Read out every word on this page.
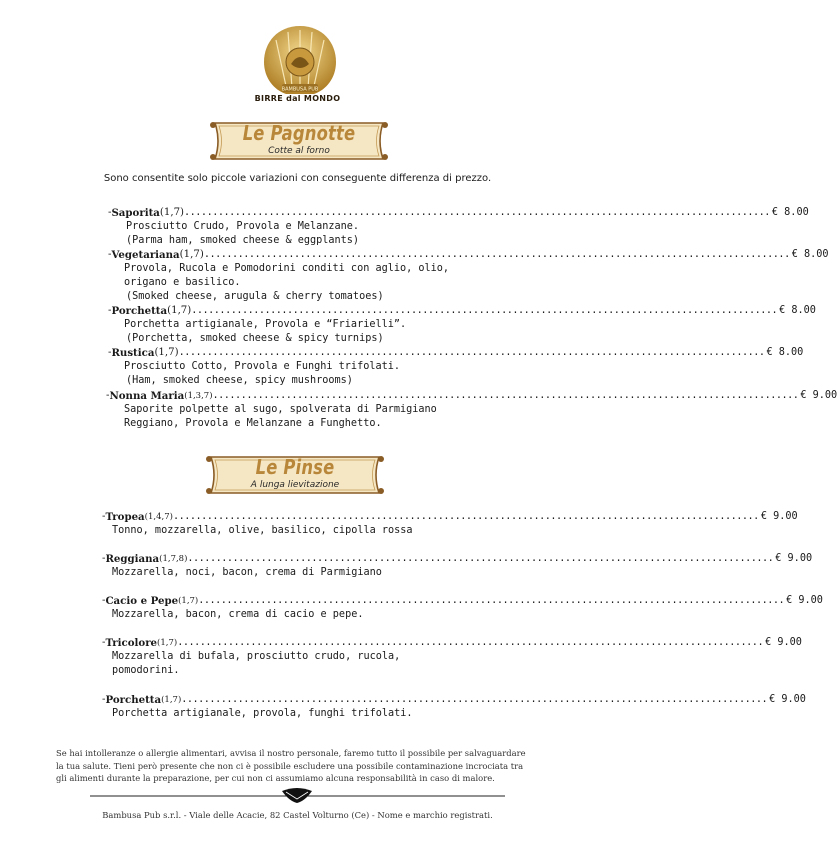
BAMBUSA PUB
BIRRE dal MONDO
Le Pagnotte
Cotte al forno
Sono consentite solo piccole variazioni con conseguente differenza di prezzo.
- Saporita (1,7) ........................................................................................................ € 8.00
Prosciutto Crudo, Provola e Melanzane.
(Parma ham, smoked cheese & eggplants)
- Vegetariana (1,7) ........................................................................................................ € 8.00
Provola, Rucola e Pomodorini conditi con aglio, olio,
origano e basilico.
(Smoked cheese, arugula & cherry tomatoes)
- Porchetta (1,7) ........................................................................................................ € 8.00
Porchetta artigianale, Provola e “Friarielli”.
(Porchetta, smoked cheese & spicy turnips)
- Rustica (1,7) ........................................................................................................ € 8.00
Prosciutto Cotto, Provola e Funghi trifolati.
(Ham, smoked cheese, spicy mushrooms)
- Nonna Maria (1,3,7) ........................................................................................................ € 9.00
Saporite polpette al sugo, spolverata di Parmigiano
Reggiano, Provola e Melanzane a Funghetto.
Le Pinse
A lunga lievitazione
- Tropea (1,4,7) ........................................................................................................ € 9.00
Tonno, mozzarella, olive, basilico, cipolla rossa
- Reggiana (1,7,8) ........................................................................................................ € 9.00
Mozzarella, noci, bacon, crema di Parmigiano
- Cacio e Pepe (1,7) ........................................................................................................ € 9.00
Mozzarella, bacon, crema di cacio e pepe.
- Tricolore (1,7) ........................................................................................................ € 9.00
Mozzarella di bufala, prosciutto crudo, rucola,
pomodorini.
- Porchetta (1,7) ........................................................................................................ € 9.00
Porchetta artigianale, provola, funghi trifolati.
Se hai intolleranze o allergie alimentari, avvisa il nostro personale, faremo tutto il possibile per salvaguardare
la tua salute. Tieni però presente che non ci è possibile escludere una possibile contaminazione incrociata tra
gli alimenti durante la preparazione, per cui non ci assumiamo alcuna responsabilità in caso di malore.
Bambusa Pub s.r.l. - Viale delle Acacie, 82 Castel Volturno (Ce) - Nome e marchio registrati.
